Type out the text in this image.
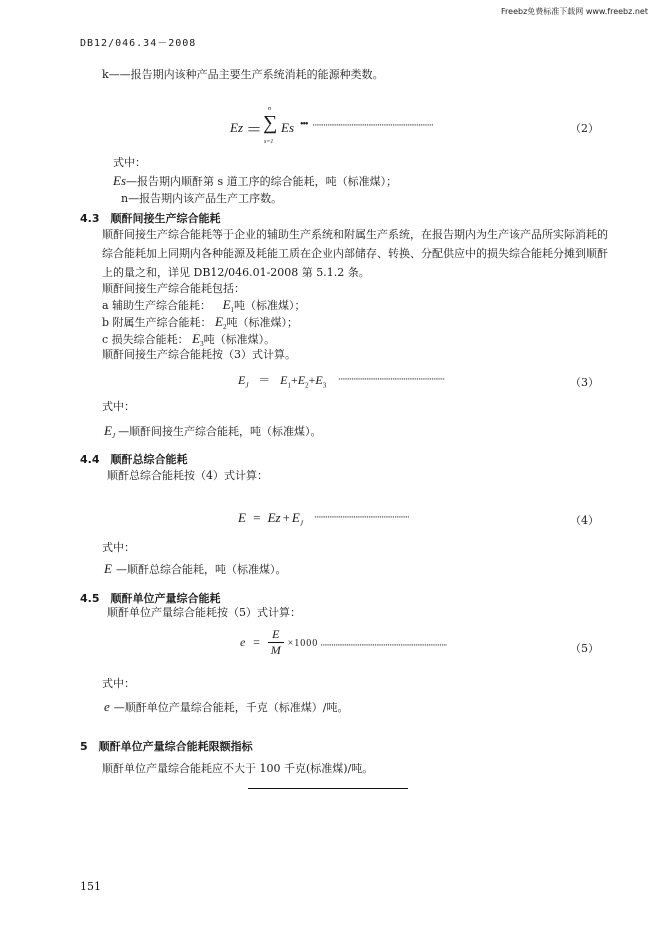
Freebz免费标准下载网 www.freebz.net
DB12/046.34－2008
k——报告期内该种产品主要生产系统消耗的能源种类数。
Ez ＝
n
∑
s=1
Es ••• ·································································	（2）
式中：
Es—报告期内顺酐第 s 道工序的综合能耗，吨（标准煤）；
n—报告期内该产品生产工序数。
4.3　顺酐间接生产综合能耗
顺酐间接生产综合能耗等于企业的辅助生产系统和附属生产系统，在报告期内为生产该产品所实际消耗的综合能耗加上同期内各种能源及耗能工质在企业内部储存、转换、分配供应中的损失综合能耗分摊到顺酐上的量之和，详见 DB12/046.01-2008 第 5.1.2 条。
顺酐间接生产综合能耗包括：
a 辅助生产综合能耗： $E_1$吨（标准煤）；
b 附属生产综合能耗： $E_2$吨（标准煤）；
c 损失综合能耗： $E_3$吨（标准煤）。
顺酐间接生产综合能耗按（3）式计算。
$E_J = E_1+E_2+E_3$
·························································	（3）
式中：
$E_J$ —顺酐间接生产综合能耗，吨（标准煤）。
4.4　顺酐总综合能耗
顺酐总综合能耗按（4）式计算：
$E = Ez + E_J$
···················································	（4）
式中：
E —顺酐总综合能耗，吨（标准煤）。
4.5　顺酐单位产量综合能耗
顺酐单位产量综合能耗按（5）式计算：
$e = \frac{E}{M} \times 1000$ ····································································	（5）
式中：
e —顺酐单位产量综合能耗，千克（标准煤）/吨。
5　顺酐单位产量综合能耗限额指标
顺酐单位产量综合能耗应不大于 100 千克(标准煤)/吨。
151
